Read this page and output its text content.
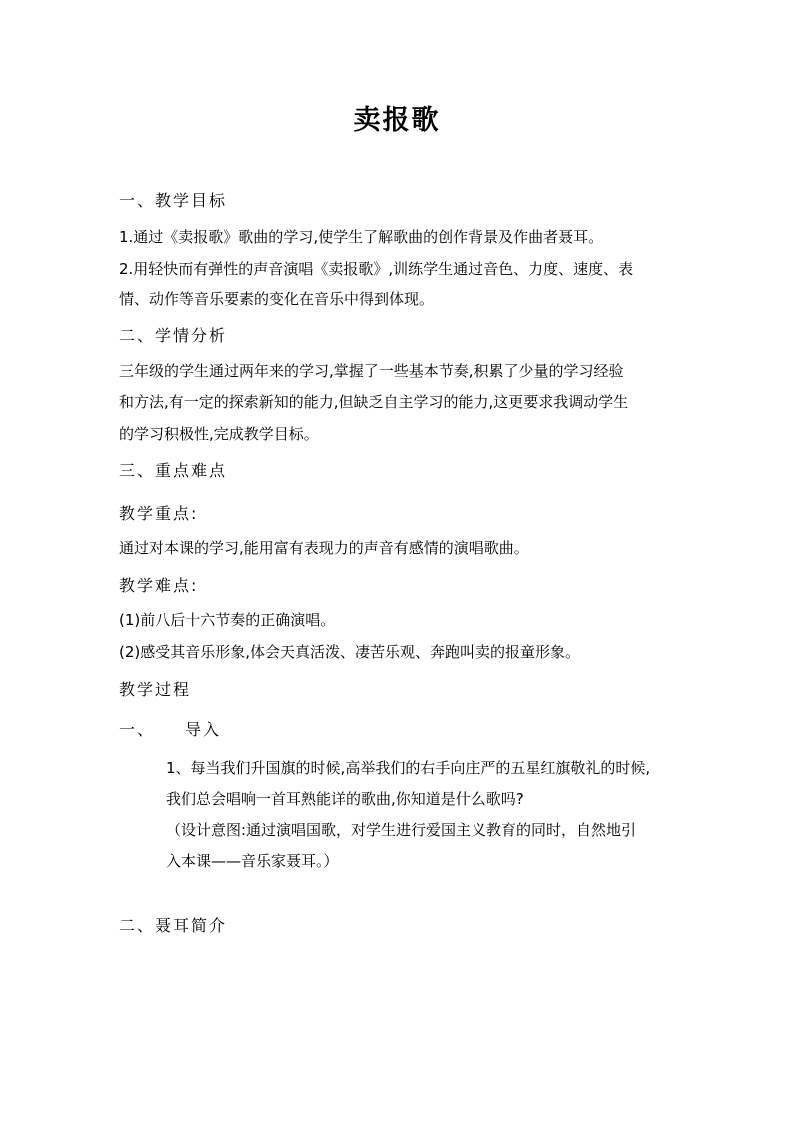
卖报歌
一、教学目标
1.通过《卖报歌》歌曲的学习,使学生了解歌曲的创作背景及作曲者聂耳。
2.用轻快而有弹性的声音演唱《卖报歌》,训练学生通过音色、力度、速度、表
情、动作等音乐要素的变化在音乐中得到体现。
二、学情分析
三年级的学生通过两年来的学习,掌握了一些基本节奏,积累了少量的学习经验
和方法,有一定的探索新知的能力,但缺乏自主学习的能力,这更要求我调动学生
的学习积极性,完成教学目标。
三、重点难点
教学重点:
通过对本课的学习,能用富有表现力的声音有感情的演唱歌曲。
教学难点:
(1)前八后十六节奏的正确演唱。
(2)感受其音乐形象,体会天真活泼、凄苦乐观、奔跑叫卖的报童形象。
教学过程
一、 导入
1、每当我们升国旗的时候,高举我们的右手向庄严的五星红旗敬礼的时候,
我们总会唱响一首耳熟能详的歌曲,你知道是什么歌吗?
（设计意图:通过演唱国歌，对学生进行爱国主义教育的同时，自然地引
入本课——音乐家聂耳。）
二、聂耳简介
